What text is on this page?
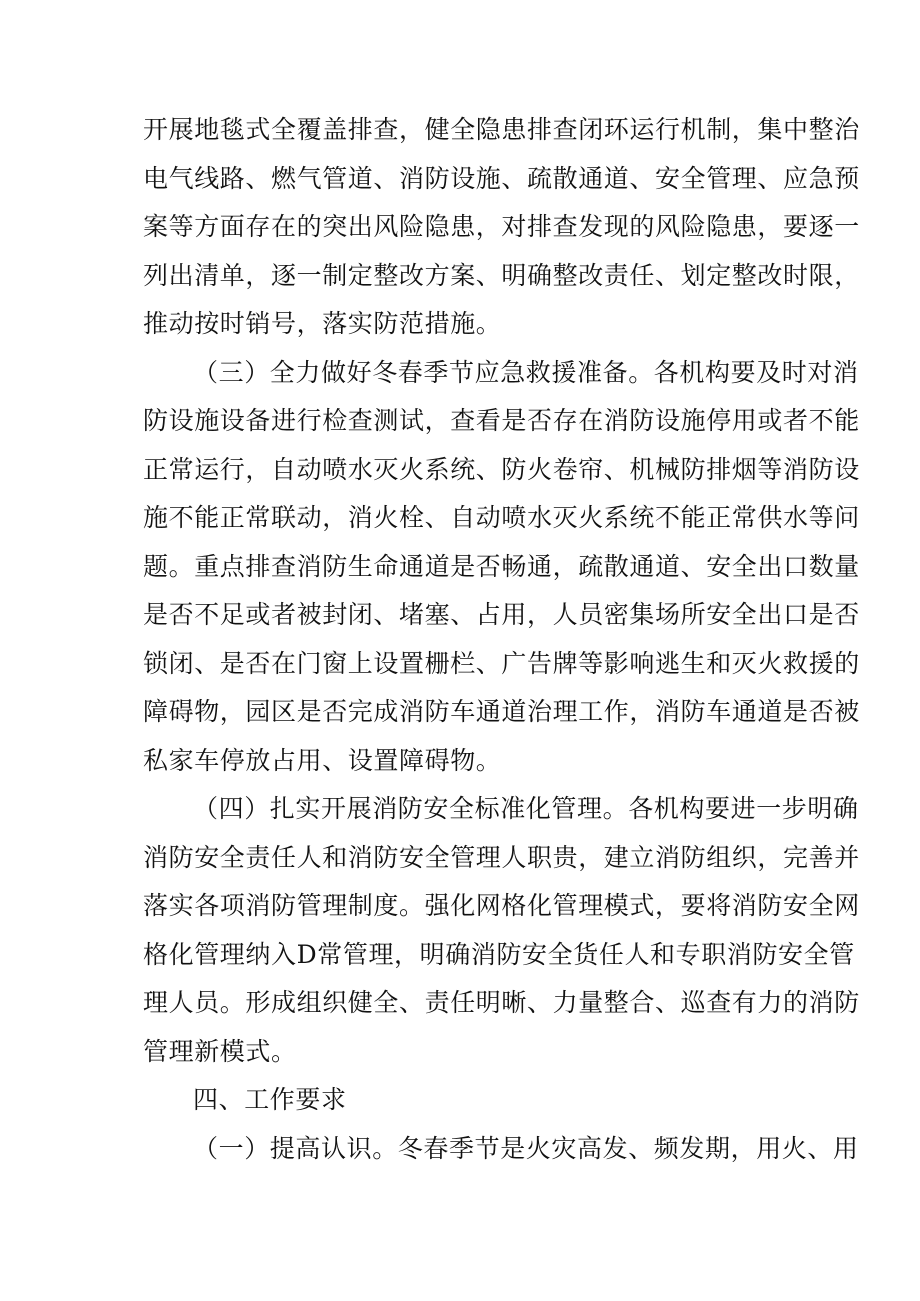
开展地毯式全覆盖排查，健全隐患排查闭环运行机制，集中整治
电气线路、燃气管道、消防设施、疏散通道、安全管理、应急预
案等方面存在的突出风险隐患，对排查发现的风险隐患，要逐一
列出清单，逐一制定整改方案、明确整改责任、划定整改时限，
推动按时销号，落实防范措施。
（三）全力做好冬春季节应急救援准备。各机构要及时对消
防设施设备进行检查测试，查看是否存在消防设施停用或者不能
正常运行，自动喷水灭火系统、防火卷帘、机械防排烟等消防设
施不能正常联动，消火栓、自动喷水灭火系统不能正常供水等问
题。重点排查消防生命通道是否畅通，疏散通道、安全出口数量
是否不足或者被封闭、堵塞、占用，人员密集场所安全出口是否
锁闭、是否在门窗上设置栅栏、广告牌等影响逃生和灭火救援的
障碍物，园区是否完成消防车通道治理工作，消防车通道是否被
私家车停放占用、设置障碍物。
（四）扎实开展消防安全标准化管理。各机构要进一步明确
消防安全责任人和消防安全管理人职贵，建立消防组织，完善并
落实各项消防管理制度。强化网格化管理模式，要将消防安全网
格化管理纳入D常管理，明确消防安全货任人和专职消防安全管
理人员。形成组织健全、责任明晰、力量整合、巡查有力的消防
管理新模式。
四、工作要求
（一）提高认识。冬春季节是火灾高发、频发期，用火、用
